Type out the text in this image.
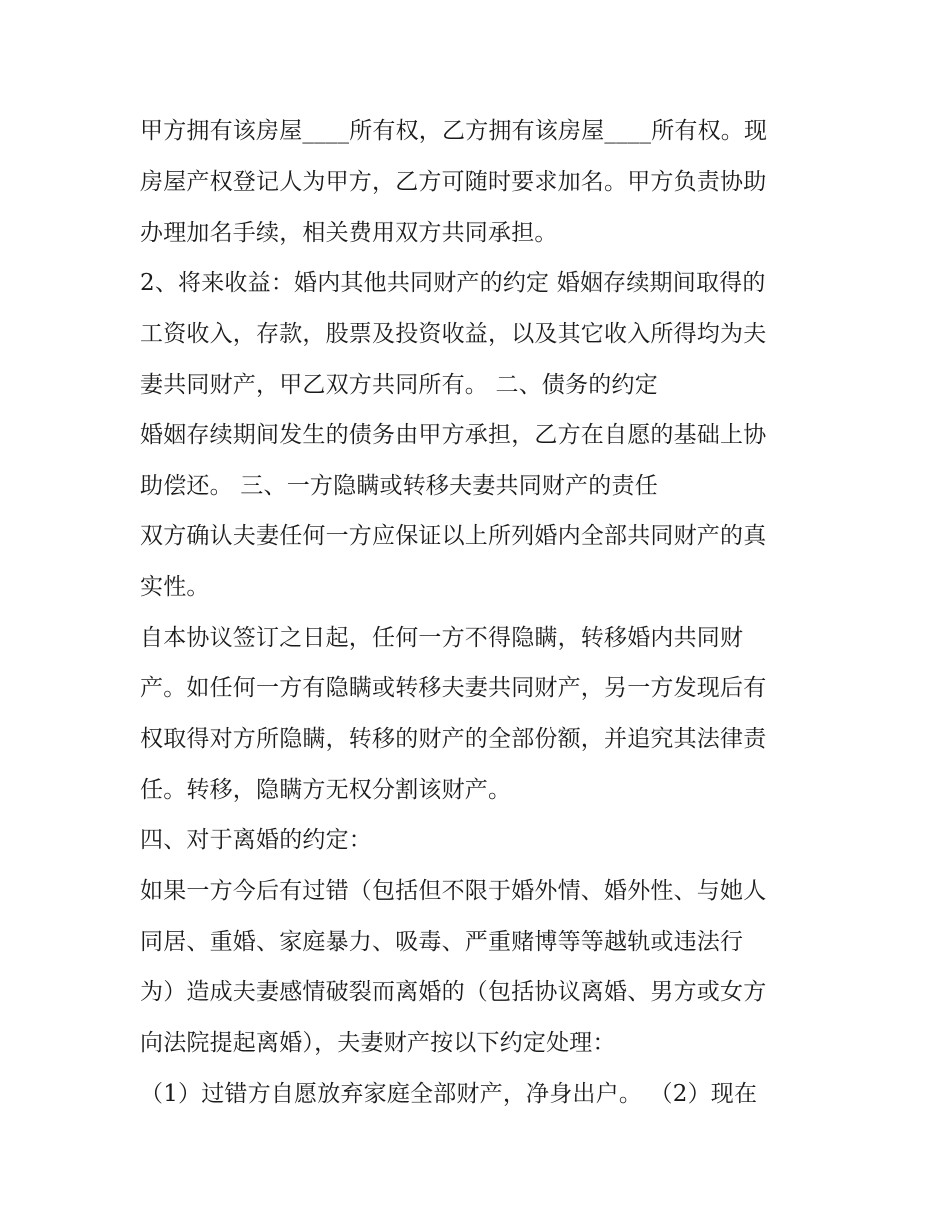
甲方拥有该房屋____所有权，乙方拥有该房屋____所有权。现

房屋产权登记人为甲方，乙方可随时要求加名。甲方负责协助

办理加名手续，相关费用双方共同承担。

2、将来收益：婚内其他共同财产的约定 婚姻存续期间取得的

工资收入，存款，股票及投资收益，以及其它收入所得均为夫

妻共同财产，甲乙双方共同所有。 二、债务的约定

婚姻存续期间发生的债务由甲方承担，乙方在自愿的基础上协

助偿还。 三、一方隐瞒或转移夫妻共同财产的责任

双方确认夫妻任何一方应保证以上所列婚内全部共同财产的真

实性。

自本协议签订之日起，任何一方不得隐瞒，转移婚内共同财

产。如任何一方有隐瞒或转移夫妻共同财产，另一方发现后有

权取得对方所隐瞒，转移的财产的全部份额，并追究其法律责

任。转移，隐瞒方无权分割该财产。

四、对于离婚的约定：

如果一方今后有过错（包括但不限于婚外情、婚外性、与她人

同居、重婚、家庭暴力、吸毒、严重赌博等等越轨或违法行

为）造成夫妻感情破裂而离婚的（包括协议离婚、男方或女方

向法院提起离婚），夫妻财产按以下约定处理：

（1）过错方自愿放弃家庭全部财产，净身出户。 （2）现在
